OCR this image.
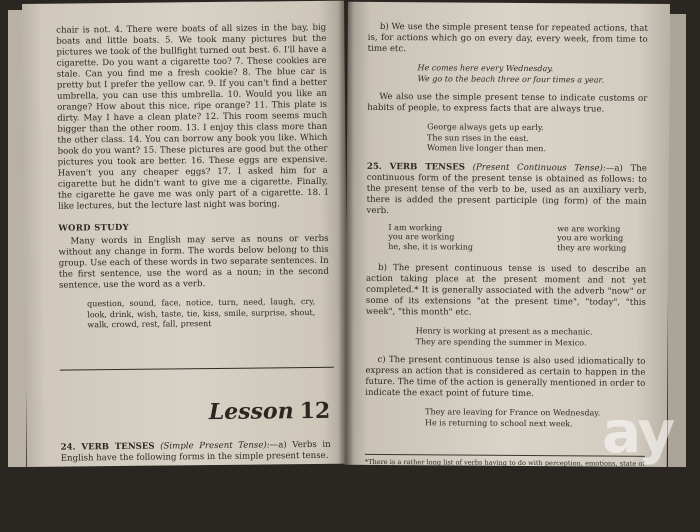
chair is not. 4. There were boats of all sizes in the bay, big boats and little boats. 5. We took many pictures but the pictures we took of the bullfight turned out best. 6. I'll have a cigarette. Do you want a cigarette too? 7. These cookies are stale. Can you find me a fresh cookie? 8. The blue car is pretty but I prefer the yellow car. 9. If you can't find a better umbrella, you can use this umbrella. 10. Would you like an orange? How about this nice, ripe orange? 11. This plate is dirty. May I have a clean plate? 12. This room seems much bigger than the other room. 13. I enjoy this class more than the other class. 14. You can borrow any book you like. Which book do you want? 15. These pictures are good but the other pictures you took are better. 16. These eggs are expensive. Haven't you any cheaper eggs? 17. I asked him for a cigarette but he didn't want to give me a cigarette. Finally, the cigarette he gave me was only part of a cigarette. 18. I like lectures, but the lecture last night was boring.

WORD STUDY

Many words in English may serve as nouns or verbs without any change in form. The words below belong to this group. Use each of these words in two separate sentences. In the first sentence, use the word as a noun; in the second sentence, use the word as a verb.

question, sound, face, notice, turn, need, laugh, cry, look, drink, wish, taste, tie, kiss, smile, surprise, shout, walk, crowd, rest, fall, present

Lesson 12

24. VERB TENSES (Simple Present Tense):—a) Verbs in English have the following forms in the simple present tense.

I work
you work
he, she, it works
we work
you work
they work

b) We use the simple present tense for repeated actions, that is, for actions which go on every day, every week, from time to time etc.

He comes here every Wednesday.
We go to the beach three or four times a year.

We also use the simple present tense to indicate customs or habits of people, to express facts that are always true.

George always gets up early.
The sun rises in the east.
Women live longer than men.

25. VERB TENSES (Present Continuous Tense):—a) The continuous form of the present tense is obtained as follows: to the present tense of the verb to be, used as an auxiliary verb, there is added the present participle (ing form) of the main verb.

I am working
you are working
he, she, it is working
we are working
you are working
they are working

b) The present continuous tense is used to describe an action taking place at the present moment and not yet completed.* It is generally associated with the adverb "now" or some of its extensions "at the present time", "today", "this week", "this month" etc.

Henry is working at present as a mechanic.
They are spending the summer in Mexico.

c) The present continuous tense is also used idiomatically to express an action that is considered as certain to happen in the future. The time of the action is generally mentioned in order to indicate the exact point of future time.

They are leaving for France on Wednesday.
He is returning to school next week.

*There is a rather long list of verbs having to do with perception, emotions, state of being which do not generally appear in continuous form because they refer to a condition or attitude which is already continuous. Some of these verbs are feel, hate, feel, love, see, hear, smell, know, understand, want, believe, think, forget, suppose, mean, etc. Thus, we never say "I am wanting to learn English" but simply "I want to learn English". Most students, however, soon adjust to the use of these verbs in simple form only, so there is no need to memorize the list or to be concerned about this special usage. Continued practice with the language is generally the surest guide in such matters.

ay
